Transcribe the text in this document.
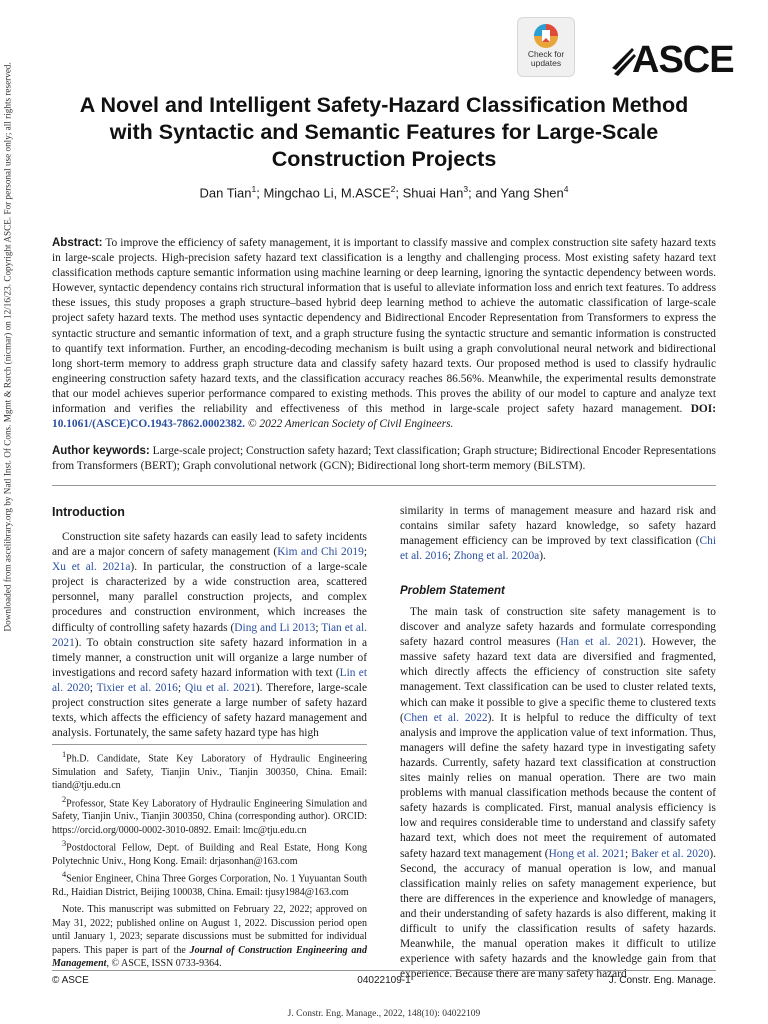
Check for updates	ASCE
A Novel and Intelligent Safety-Hazard Classification Method with Syntactic and Semantic Features for Large-Scale Construction Projects
Dan Tian$^1$; Mingchao Li, M.ASCE$^2$; Shuai Han$^3$; and Yang Shen$^4$
Downloaded from ascelibrary.org by Natl Inst. Of Cons. Mgmt & Rsrch (nicmar) on 12/16/23. Copyright ASCE. For personal use only; all rights reserved.	Abstract: To improve the efficiency of safety management, it is important to classify massive and complex construction site safety hazard texts in large-scale projects. High-precision safety hazard text classification is a lengthy and challenging process. Most existing safety hazard text classification methods capture semantic information using machine learning or deep learning, ignoring the syntactic dependency between words. However, syntactic dependency contains rich structural information that is useful to alleviate information loss and enrich text features. To address these issues, this study proposes a graph structure–based hybrid deep learning method to achieve the automatic classification of large-scale project safety hazard texts. The method uses syntactic dependency and Bidirectional Encoder Representation from Transformers to express the syntactic structure and semantic information of text, and a graph structure fusing the syntactic structure and semantic information is constructed to quantify text information. Further, an encoding-decoding mechanism is built using a graph convolutional neural network and bidirectional long short-term memory to address graph structure data and classify safety hazard texts. Our proposed method is used to classify hydraulic engineering construction safety hazard texts, and the classification accuracy reaches 86.56%. Meanwhile, the experimental results demonstrate that our model achieves superior performance compared to existing methods. This proves the ability of our model to capture and analyze text information and verifies the reliability and effectiveness of this method in large-scale project safety hazard management. DOI: 10.1061/(ASCE)CO.1943-7862.0002382. © 2022 American Society of Civil Engineers.
Author keywords: Large-scale project; Construction safety hazard; Text classification; Graph structure; Bidirectional Encoder Representations from Transformers (BERT); Graph convolutional network (GCN); Bidirectional long short-term memory (BiLSTM).
Introduction

Construction site safety hazards can easily lead to safety incidents and are a major concern of safety management (Kim and Chi 2019; Xu et al. 2021a). In particular, the construction of a large-scale project is characterized by a wide construction area, scattered personnel, many parallel construction projects, and complex procedures and construction environment, which increases the difficulty of controlling safety hazards (Ding and Li 2013; Tian et al. 2021). To obtain construction site safety hazard information in a timely manner, a construction unit will organize a large number of investigations and record safety hazard information with text (Lin et al. 2020; Tixier et al. 2016; Qiu et al. 2021). Therefore, large-scale project construction sites generate a large number of safety hazard texts, which affects the efficiency of safety hazard management and analysis. Fortunately, the same safety hazard type has high

$^1$Ph.D. Candidate, State Key Laboratory of Hydraulic Engineering Simulation and Safety, Tianjin Univ., Tianjin 300350, China. Email: tiand@tju.edu.cn

$^2$Professor, State Key Laboratory of Hydraulic Engineering Simulation and Safety, Tianjin Univ., Tianjin 300350, China (corresponding author). ORCID: https://orcid.org/0000-0002-3010-0892. Email: lmc@tju.edu.cn

$^3$Postdoctoral Fellow, Dept. of Building and Real Estate, Hong Kong Polytechnic Univ., Hong Kong. Email: drjasonhan@163.com

$^4$Senior Engineer, China Three Gorges Corporation, No. 1 Yuyuantan South Rd., Haidian District, Beijing 100038, China. Email: tjusy1984@163.com

Note. This manuscript was submitted on February 22, 2022; approved on May 31, 2022; published online on August 1, 2022. Discussion period open until January 1, 2023; separate discussions must be submitted for individual papers. This paper is part of the Journal of Construction Engineering and Management, © ASCE, ISSN 0733-9364.

similarity in terms of management measure and hazard risk and contains similar safety hazard knowledge, so safety hazard management efficiency can be improved by text classification (Chi et al. 2016; Zhong et al. 2020a).
Problem Statement

The main task of construction site safety management is to discover and analyze safety hazards and formulate corresponding safety hazard control measures (Han et al. 2021). However, the massive safety hazard text data are diversified and fragmented, which directly affects the efficiency of construction site safety management. Text classification can be used to cluster related texts, which can make it possible to give a specific theme to clustered texts (Chen et al. 2022). It is helpful to reduce the difficulty of text analysis and improve the application value of text information. Thus, managers will define the safety hazard type in investigating safety hazards. Currently, safety hazard text classification at construction sites mainly relies on manual operation. There are two main problems with manual classification methods because the content of safety hazards is complicated. First, manual analysis efficiency is low and requires considerable time to understand and classify safety hazard text, which does not meet the requirement of automated safety hazard text management (Hong et al. 2021; Baker et al. 2020). Second, the accuracy of manual operation is low, and manual classification mainly relies on safety management experience, but there are differences in the experience and knowledge of managers, and their understanding of safety hazards is also different, making it difficult to unify the classification results of safety hazards. Meanwhile, the manual operation makes it difficult to utilize experience with safety hazards and the knowledge gain from that experience. Because there are many safety hazard

© ASCE	04022109-1	J. Constr. Eng. Manage.
J. Constr. Eng. Manage., 2022, 148(10): 04022109
